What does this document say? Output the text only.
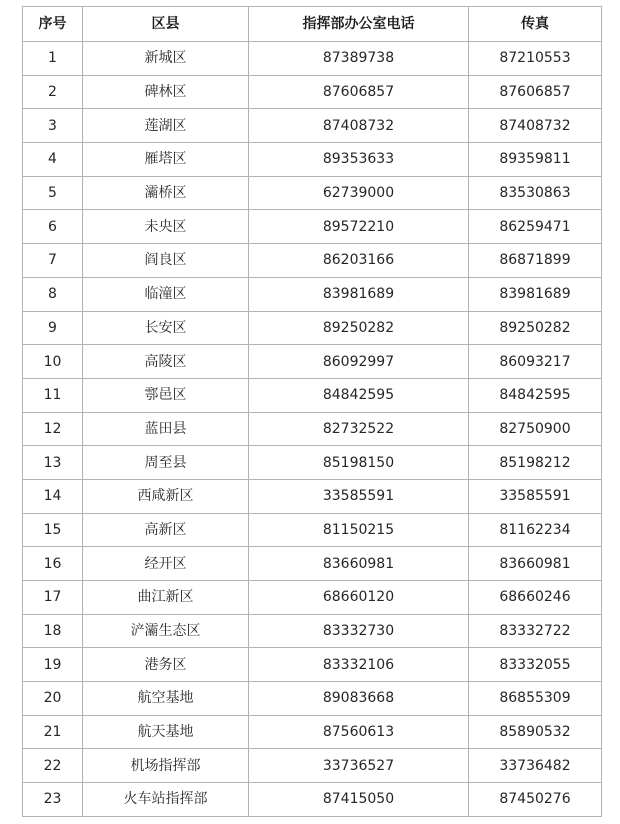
序号	区县	指挥部办公室电话	传真
1	新城区	87389738	87210553
2	碑林区	87606857	87606857
3	莲湖区	87408732	87408732
4	雁塔区	89353633	89359811
5	灞桥区	62739000	83530863
6	未央区	89572210	86259471
7	阎良区	86203166	86871899
8	临潼区	83981689	83981689
9	长安区	89250282	89250282
10	高陵区	86092997	86093217
11	鄠邑区	84842595	84842595
12	蓝田县	82732522	82750900
13	周至县	85198150	85198212
14	西咸新区	33585591	33585591
15	高新区	81150215	81162234
16	经开区	83660981	83660981
17	曲江新区	68660120	68660246
18	浐灞生态区	83332730	83332722
19	港务区	83332106	83332055
20	航空基地	89083668	86855309
21	航天基地	87560613	85890532
22	机场指挥部	33736527	33736482
23	火车站指挥部	87415050	87450276
